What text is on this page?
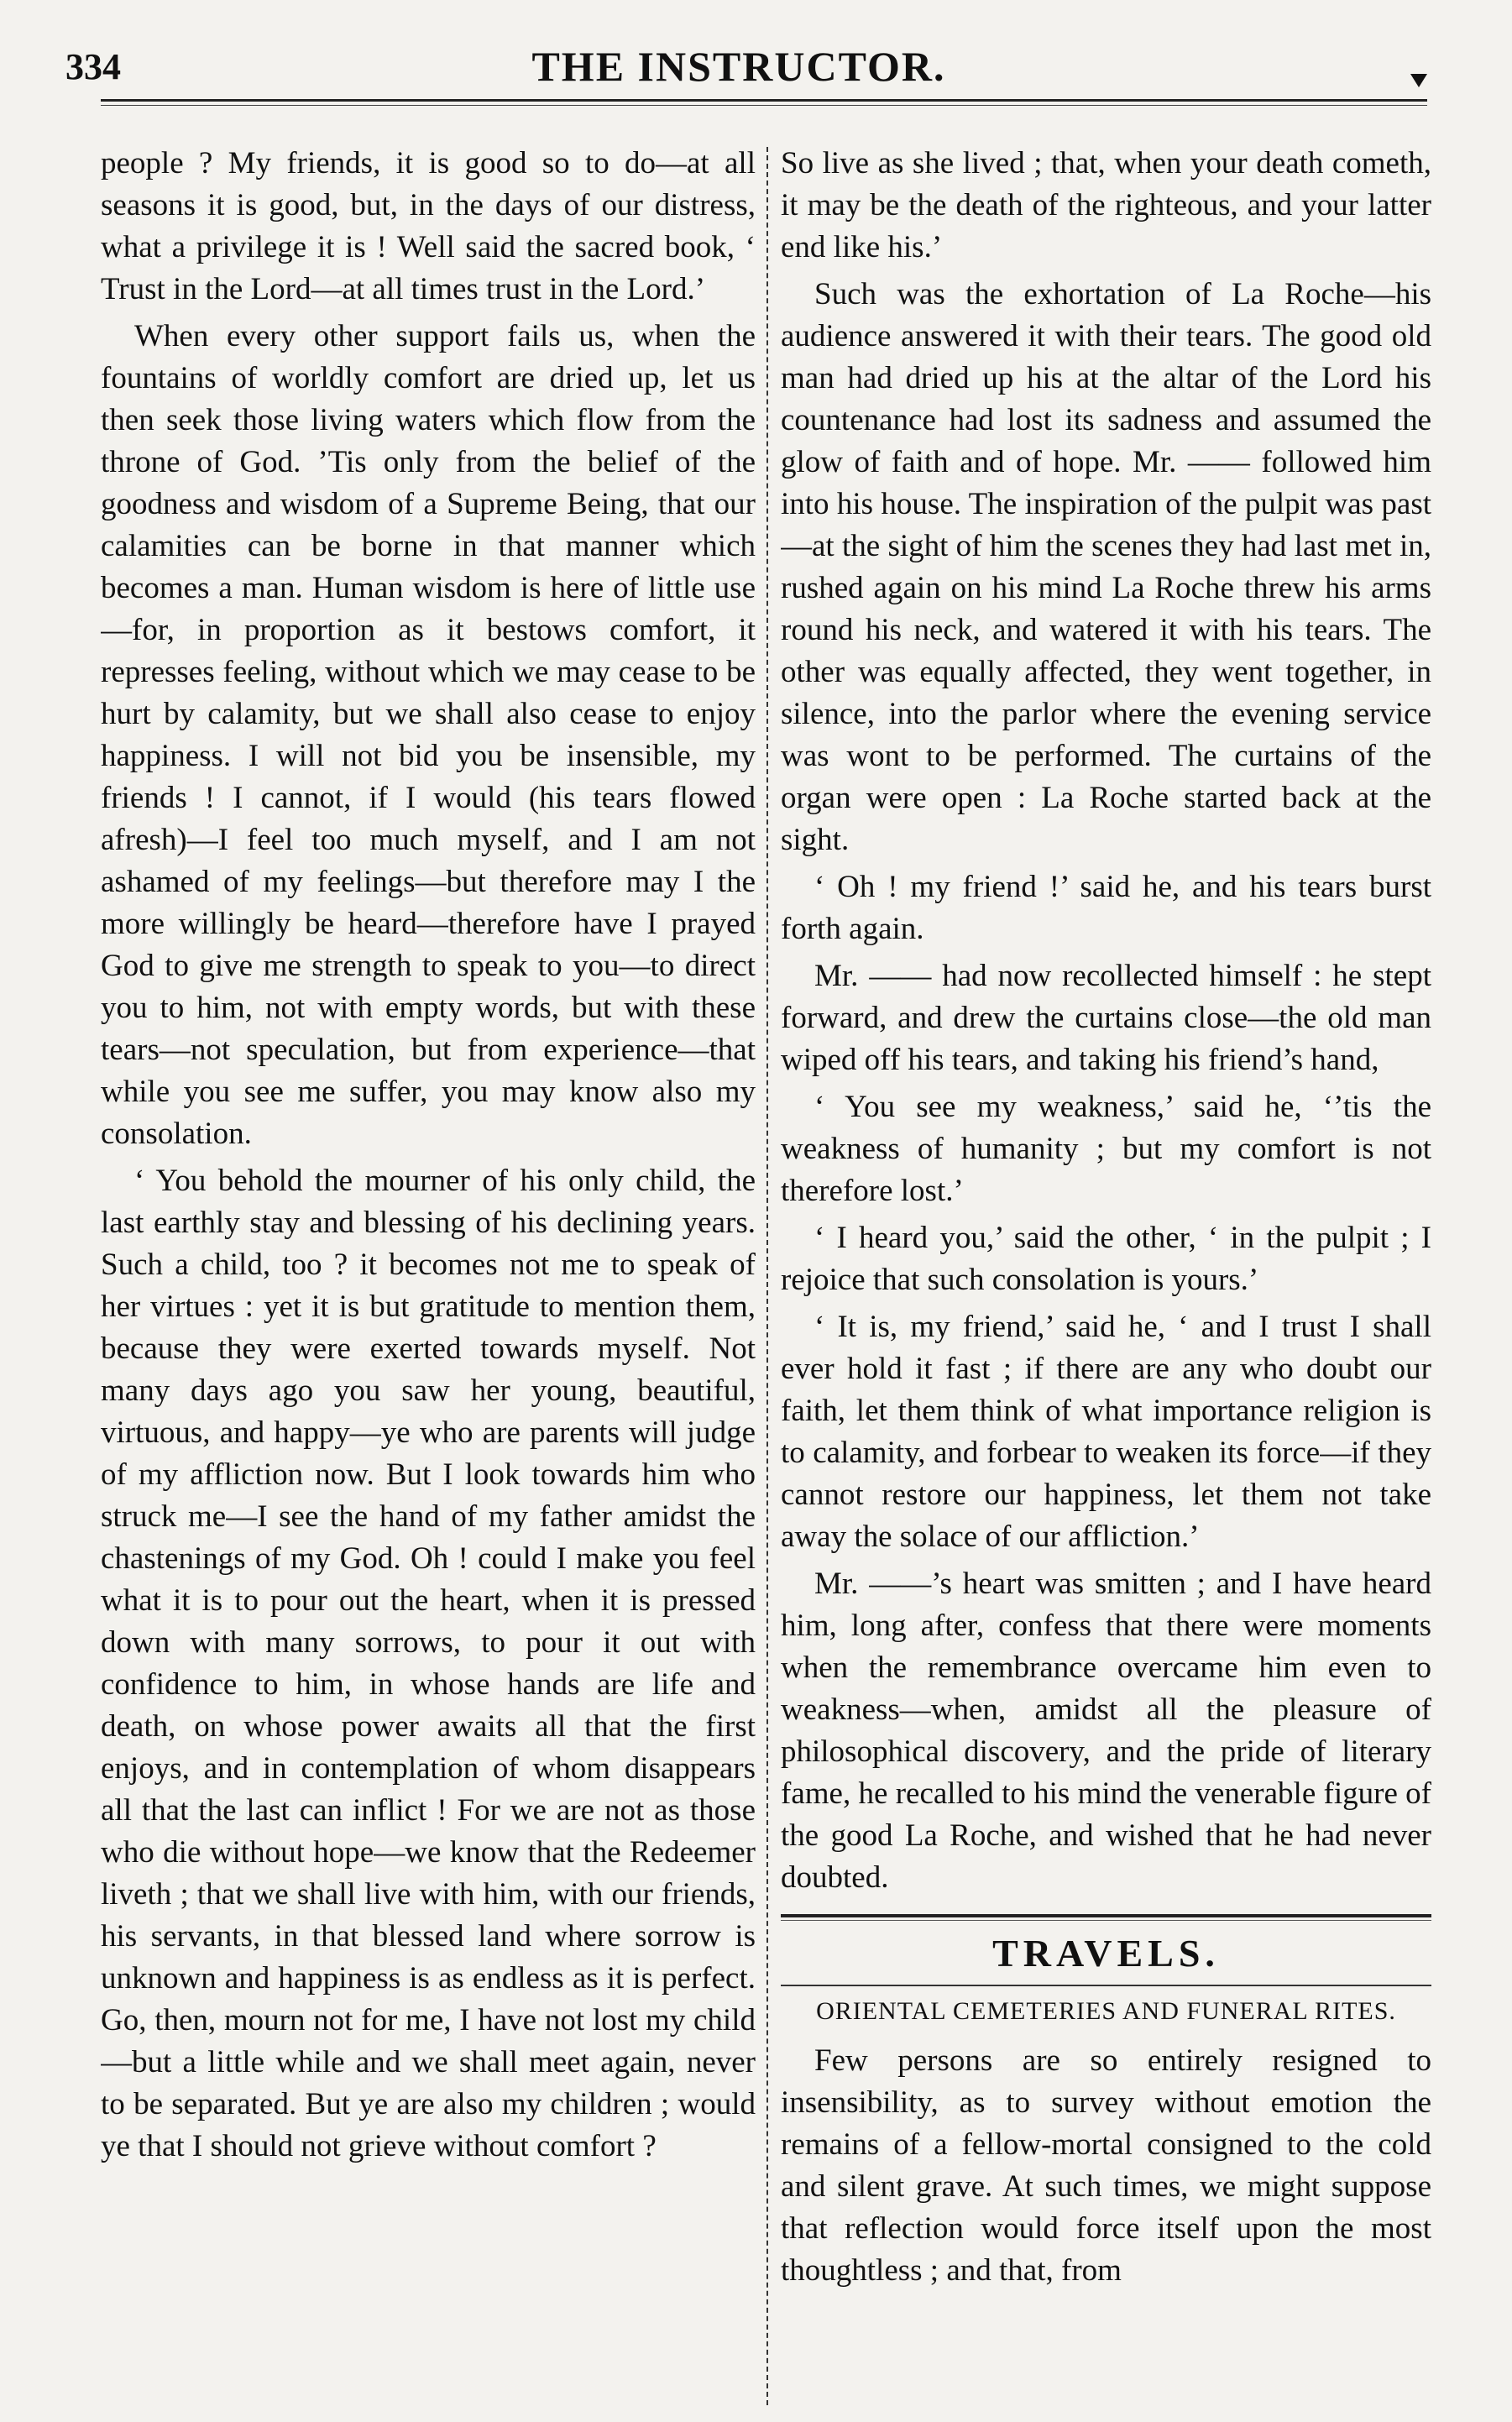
334	THE INSTRUCTOR.

people ? My friends, it is good so to do—at all seasons it is good, but, in the days of our distress, what a privilege it is ! Well said the sacred book, ‘ Trust in the Lord—at all times trust in the Lord.’

When every other support fails us, when the fountains of worldly comfort are dried up, let us then seek those living waters which flow from the throne of God. ’Tis only from the belief of the goodness and wisdom of a Supreme Being, that our calamities can be borne in that manner which becomes a man. Human wisdom is here of little use—for, in proportion as it bestows comfort, it represses feeling, without which we may cease to be hurt by calamity, but we shall also cease to enjoy happiness. I will not bid you be insensible, my friends ! I cannot, if I would (his tears flowed afresh)—I feel too much myself, and I am not ashamed of my feelings—but therefore may I the more willingly be heard—therefore have I prayed God to give me strength to speak to you—to direct you to him, not with empty words, but with these tears—not speculation, but from experience—that while you see me suffer, you may know also my consolation.

‘ You behold the mourner of his only child, the last earthly stay and blessing of his declining years. Such a child, too ? it becomes not me to speak of her virtues : yet it is but gratitude to mention them, because they were exerted towards myself. Not many days ago you saw her young, beautiful, virtuous, and happy—ye who are parents will judge of my affliction now. But I look towards him who struck me—I see the hand of my father amidst the chastenings of my God. Oh ! could I make you feel what it is to pour out the heart, when it is pressed down with many sorrows, to pour it out with confidence to him, in whose hands are life and death, on whose power awaits all that the first enjoys, and in contemplation of whom disappears all that the last can inflict ! For we are not as those who die without hope—we know that the Redeemer liveth ; that we shall live with him, with our friends, his servants, in that blessed land where sorrow is unknown and happiness is as endless as it is perfect. Go, then, mourn not for me, I have not lost my child—but a little while and we shall meet again, never to be separated. But ye are also my children ; would ye that I should not grieve without comfort ?

So live as she lived ; that, when your death cometh, it may be the death of the righteous, and your latter end like his.’

Such was the exhortation of La Roche—his audience answered it with their tears. The good old man had dried up his at the altar of the Lord his countenance had lost its sadness and assumed the glow of faith and of hope. Mr. —— followed him into his house. The inspiration of the pulpit was past—at the sight of him the scenes they had last met in, rushed again on his mind La Roche threw his arms round his neck, and watered it with his tears. The other was equally affected, they went together, in silence, into the parlor where the evening service was wont to be performed. The curtains of the organ were open : La Roche started back at the sight.

‘ Oh ! my friend !’ said he, and his tears burst forth again.

Mr. —— had now recollected himself : he stept forward, and drew the curtains close—the old man wiped off his tears, and taking his friend’s hand,

‘ You see my weakness,’ said he, ‘’tis the weakness of humanity ; but my comfort is not therefore lost.’

‘ I heard you,’ said the other, ‘ in the pulpit ; I rejoice that such consolation is yours.’

‘ It is, my friend,’ said he, ‘ and I trust I shall ever hold it fast ; if there are any who doubt our faith, let them think of what importance religion is to calamity, and forbear to weaken its force—if they cannot restore our happiness, let them not take away the solace of our affliction.’

Mr. ——’s heart was smitten ; and I have heard him, long after, confess that there were moments when the remembrance overcame him even to weakness—when, amidst all the pleasure of philosophical discovery, and the pride of literary fame, he recalled to his mind the venerable figure of the good La Roche, and wished that he had never doubted.

TRAVELS.
ORIENTAL CEMETERIES AND FUNERAL RITES.

Few persons are so entirely resigned to insensibility, as to survey without emotion the remains of a fellow-mortal consigned to the cold and silent grave. At such times, we might suppose that reflection would force itself upon the most thoughtless ; and that, from
